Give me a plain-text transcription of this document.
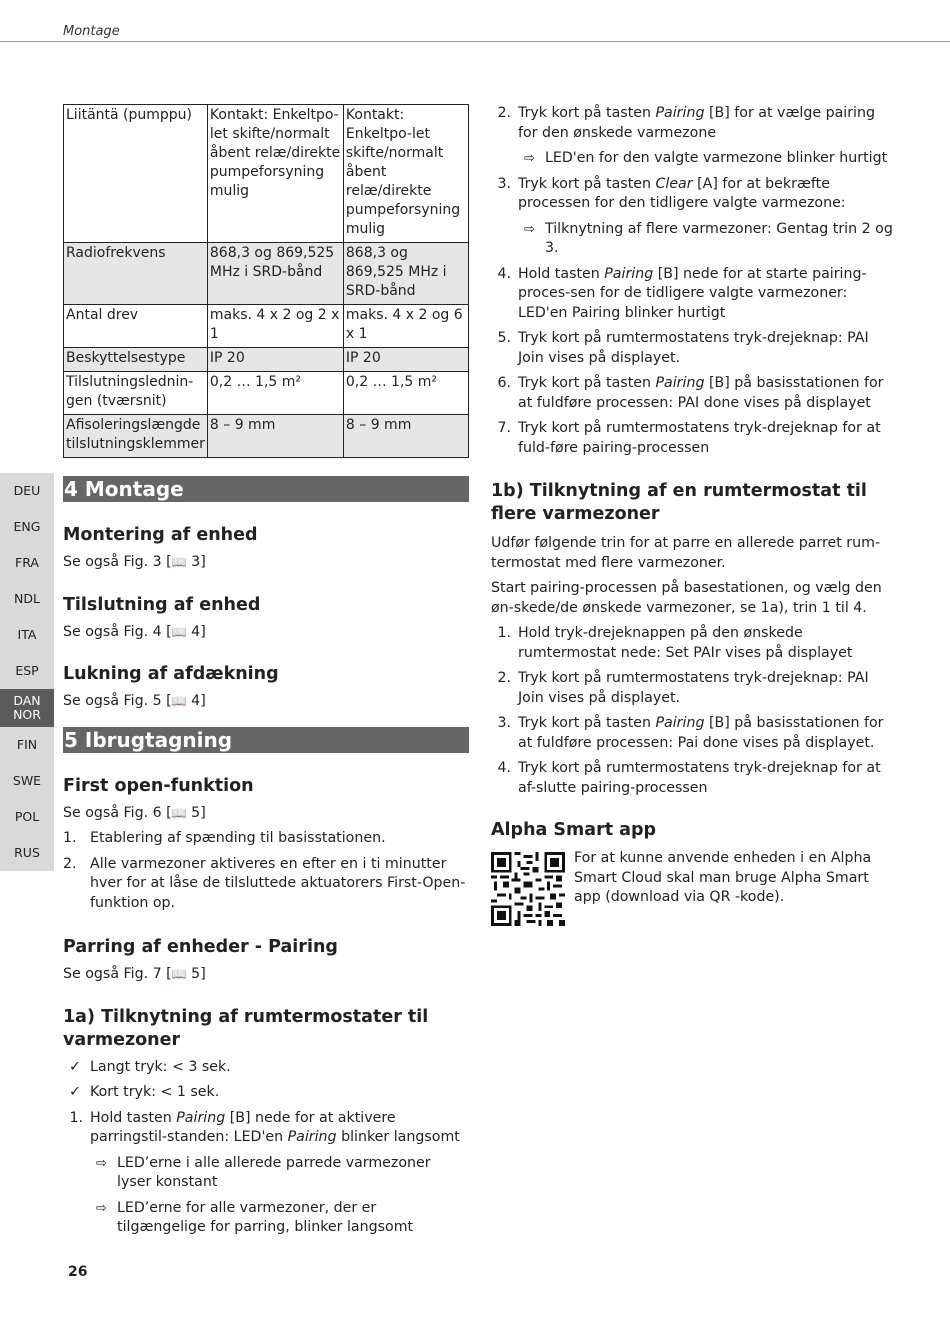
Montage
DEU
ENG
FRA
NDL
ITA
ESP
DAN
NOR
FIN
SWE
POL
RUS
Liitäntä (pumppu)	Kontakt: Enkeltpo-let skifte/normalt åbent relæ/direkte pumpeforsyning mulig	Kontakt: Enkeltpo-let skifte/normalt åbent relæ/direkte pumpeforsyning mulig
Radiofrekvens	868,3 og 869,525 MHz i SRD-bånd	868,3 og 869,525 MHz i SRD-bånd
Antal drev	maks. 4 x 2 og 2 x 1	maks. 4 x 2 og 6 x 1
Beskyttelsestype	IP 20	IP 20
Tilslutningslednin-gen (tværsnit)	0,2 … 1,5 m²	0,2 … 1,5 m²
Afisoleringslængde tilslutningsklemmer	8 – 9 mm	8 – 9 mm
4 Montage
Montering af enhed

Se også Fig. 3 [📖 3]

Tilslutning af enhed

Se også Fig. 4 [📖 4]

Lukning af afdækning

Se også Fig. 5 [📖 4]

5 Ibrugtagning
First open-funktion

Se også Fig. 6 [📖 5]

1. Etablering af spænding til basisstationen.
2. Alle varmezoner aktiveres en efter en i ti minutter hver for at låse de tilsluttede aktuatorers First-Open-funktion op.
Parring af enheder - Pairing

Se også Fig. 7 [📖 5]

1a) Tilknytning af rumtermostater til varmezoner
✓ Langt tryk: < 3 sek.
✓ Kort tryk: < 1 sek.
1. Hold tasten Pairing [B] nede for at aktivere parringstil-standen: LED'en Pairing blinker langsomt
⇨ LED’erne i alle allerede parrede varmezoner lyser konstant
⇨ LED’erne for alle varmezoner, der er tilgængelige for parring, blinker langsomt
2. Tryk kort på tasten Pairing [B] for at vælge pairing for den ønskede varmezone
⇨ LED'en for den valgte varmezone blinker hurtigt
3. Tryk kort på tasten Clear [A] for at bekræfte processen for den tidligere valgte varmezone:
⇨ Tilknytning af flere varmezoner: Gentag trin 2 og 3.
4. Hold tasten Pairing [B] nede for at starte pairing-proces-sen for de tidligere valgte varmezoner: LED'en Pairing blinker hurtigt
5. Tryk kort på rumtermostatens tryk-drejeknap: PAI Join vises på displayet.
6. Tryk kort på tasten Pairing [B] på basisstationen for at fuldføre processen: PAI done vises på displayet
7. Tryk kort på rumtermostatens tryk-drejeknap for at fuld-føre pairing-processen
1b) Tilknytning af en rumtermostat til flere varmezoner

Udfør følgende trin for at parre en allerede parret rum-termostat med flere varmezoner.

Start pairing-processen på basestationen, og vælg den øn-skede/de ønskede varmezoner, se 1a), trin 1 til 4.

1. Hold tryk-drejeknappen på den ønskede rumtermostat nede: Set PAIr vises på displayet
2. Tryk kort på rumtermostatens tryk-drejeknap: PAI Join vises på displayet.
3. Tryk kort på tasten Pairing [B] på basisstationen for at fuldføre processen: Pai done vises på displayet.
4. Tryk kort på rumtermostatens tryk-drejeknap for at af-slutte pairing-processen
Alpha Smart app

For at kunne anvende enheden i en Alpha Smart Cloud skal man bruge Alpha Smart app (download via QR -kode).

26
